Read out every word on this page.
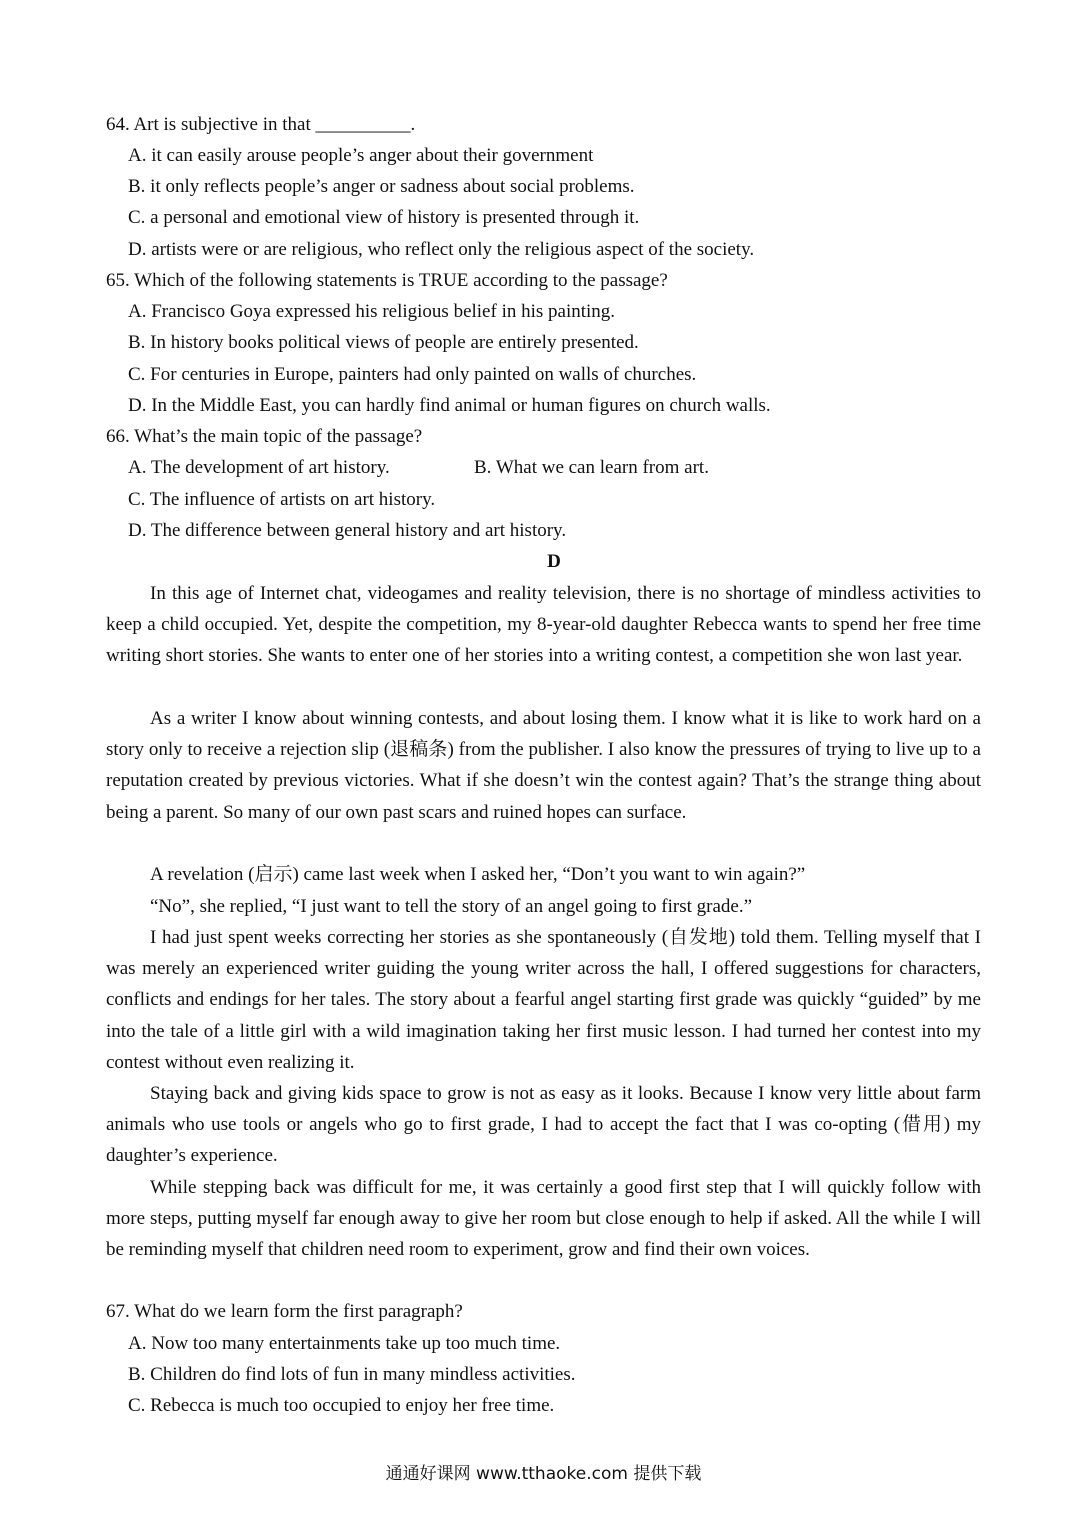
64. Art is subjective in that __________.
A. it can easily arouse people’s anger about their government
B. it only reflects people’s anger or sadness about social problems.
C. a personal and emotional view of history is presented through it.
D. artists were or are religious, who reflect only the religious aspect of the society.
65. Which of the following statements is TRUE according to the passage?
A. Francisco Goya expressed his religious belief in his painting.
B. In history books political views of people are entirely presented.
C. For centuries in Europe, painters had only painted on walls of churches.
D. In the Middle East, you can hardly find animal or human figures on church walls.
66. What’s the main topic of the passage?
A. The development of art history.	B. What we can learn from art.
C. The influence of artists on art history.
D. The difference between general history and art history.
D

In this age of Internet chat, videogames and reality television, there is no shortage of mindless activities to keep a child occupied. Yet, despite the competition, my 8-year-old daughter Rebecca wants to spend her free time writing short stories. She wants to enter one of her stories into a writing contest, a competition she won last year.

As a writer I know about winning contests, and about losing them. I know what it is like to work hard on a story only to receive a rejection slip (退稿条) from the publisher. I also know the pressures of trying to live up to a reputation created by previous victories. What if she doesn’t win the contest again? That’s the strange thing about being a parent. So many of our own past scars and ruined hopes can surface.

A revelation (启示) came last week when I asked her, “Don’t you want to win again?”

“No”, she replied, “I just want to tell the story of an angel going to first grade.”

I had just spent weeks correcting her stories as she spontaneously (自发地) told them. Telling myself that I was merely an experienced writer guiding the young writer across the hall, I offered suggestions for characters, conflicts and endings for her tales. The story about a fearful angel starting first grade was quickly “guided” by me into the tale of a little girl with a wild imagination taking her first music lesson. I had turned her contest into my contest without even realizing it.

Staying back and giving kids space to grow is not as easy as it looks. Because I know very little about farm animals who use tools or angels who go to first grade, I had to accept the fact that I was co-opting (借用) my daughter’s experience.

While stepping back was difficult for me, it was certainly a good first step that I will quickly follow with more steps, putting myself far enough away to give her room but close enough to help if asked. All the while I will be reminding myself that children need room to experiment, grow and find their own voices.

67. What do we learn form the first paragraph?
A. Now too many entertainments take up too much time.
B. Children do find lots of fun in many mindless activities.
C. Rebecca is much too occupied to enjoy her free time.
通通好课网 www.tthaoke.com 提供下载
